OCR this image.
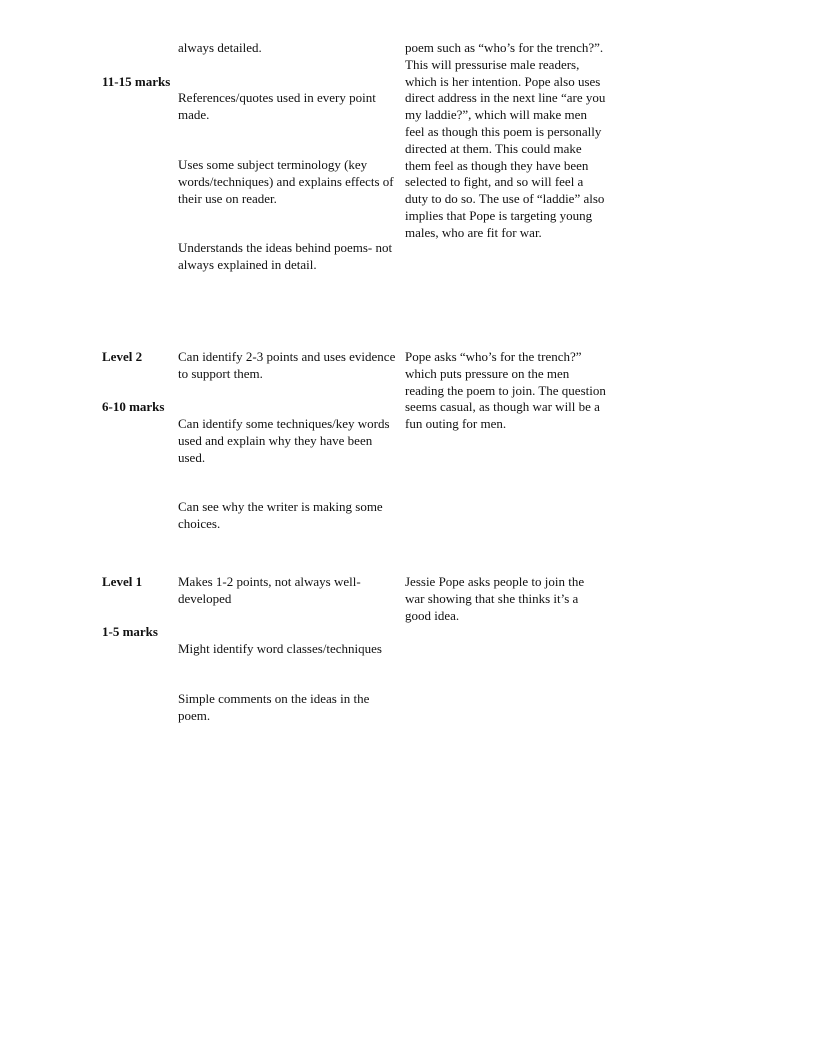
11-15 marks
always detailed.
References/quotes used in every point made.
Uses some subject terminology (key words/techniques) and explains effects of their use on reader.
Understands the ideas behind poems- not always explained in detail.
poem such as “who’s for the trench?”.
This will pressurise male readers,
which is her intention. Pope also uses
direct address in the next line “are you
my laddie?”, which will make men
feel as though this poem is personally
directed at them. This could make
them feel as though they have been
selected to fight, and so will feel a
duty to do so. The use of “laddie” also
implies that Pope is targeting young
males, who are fit for war.
Level 2
6-10 marks
Can identify 2-3 points and uses evidence to support them.
Can identify some techniques/key words used and explain why they have been used.
Can see why the writer is making some choices.
Pope asks “who’s for the trench?”
which puts pressure on the men
reading the poem to join. The question
seems casual, as though war will be a
fun outing for men.
Level 1
1-5 marks
Makes 1-2 points, not always well- developed
Might identify word classes/techniques
Simple comments on the ideas in the poem.
Jessie Pope asks people to join the
war showing that she thinks it’s a
good idea.
